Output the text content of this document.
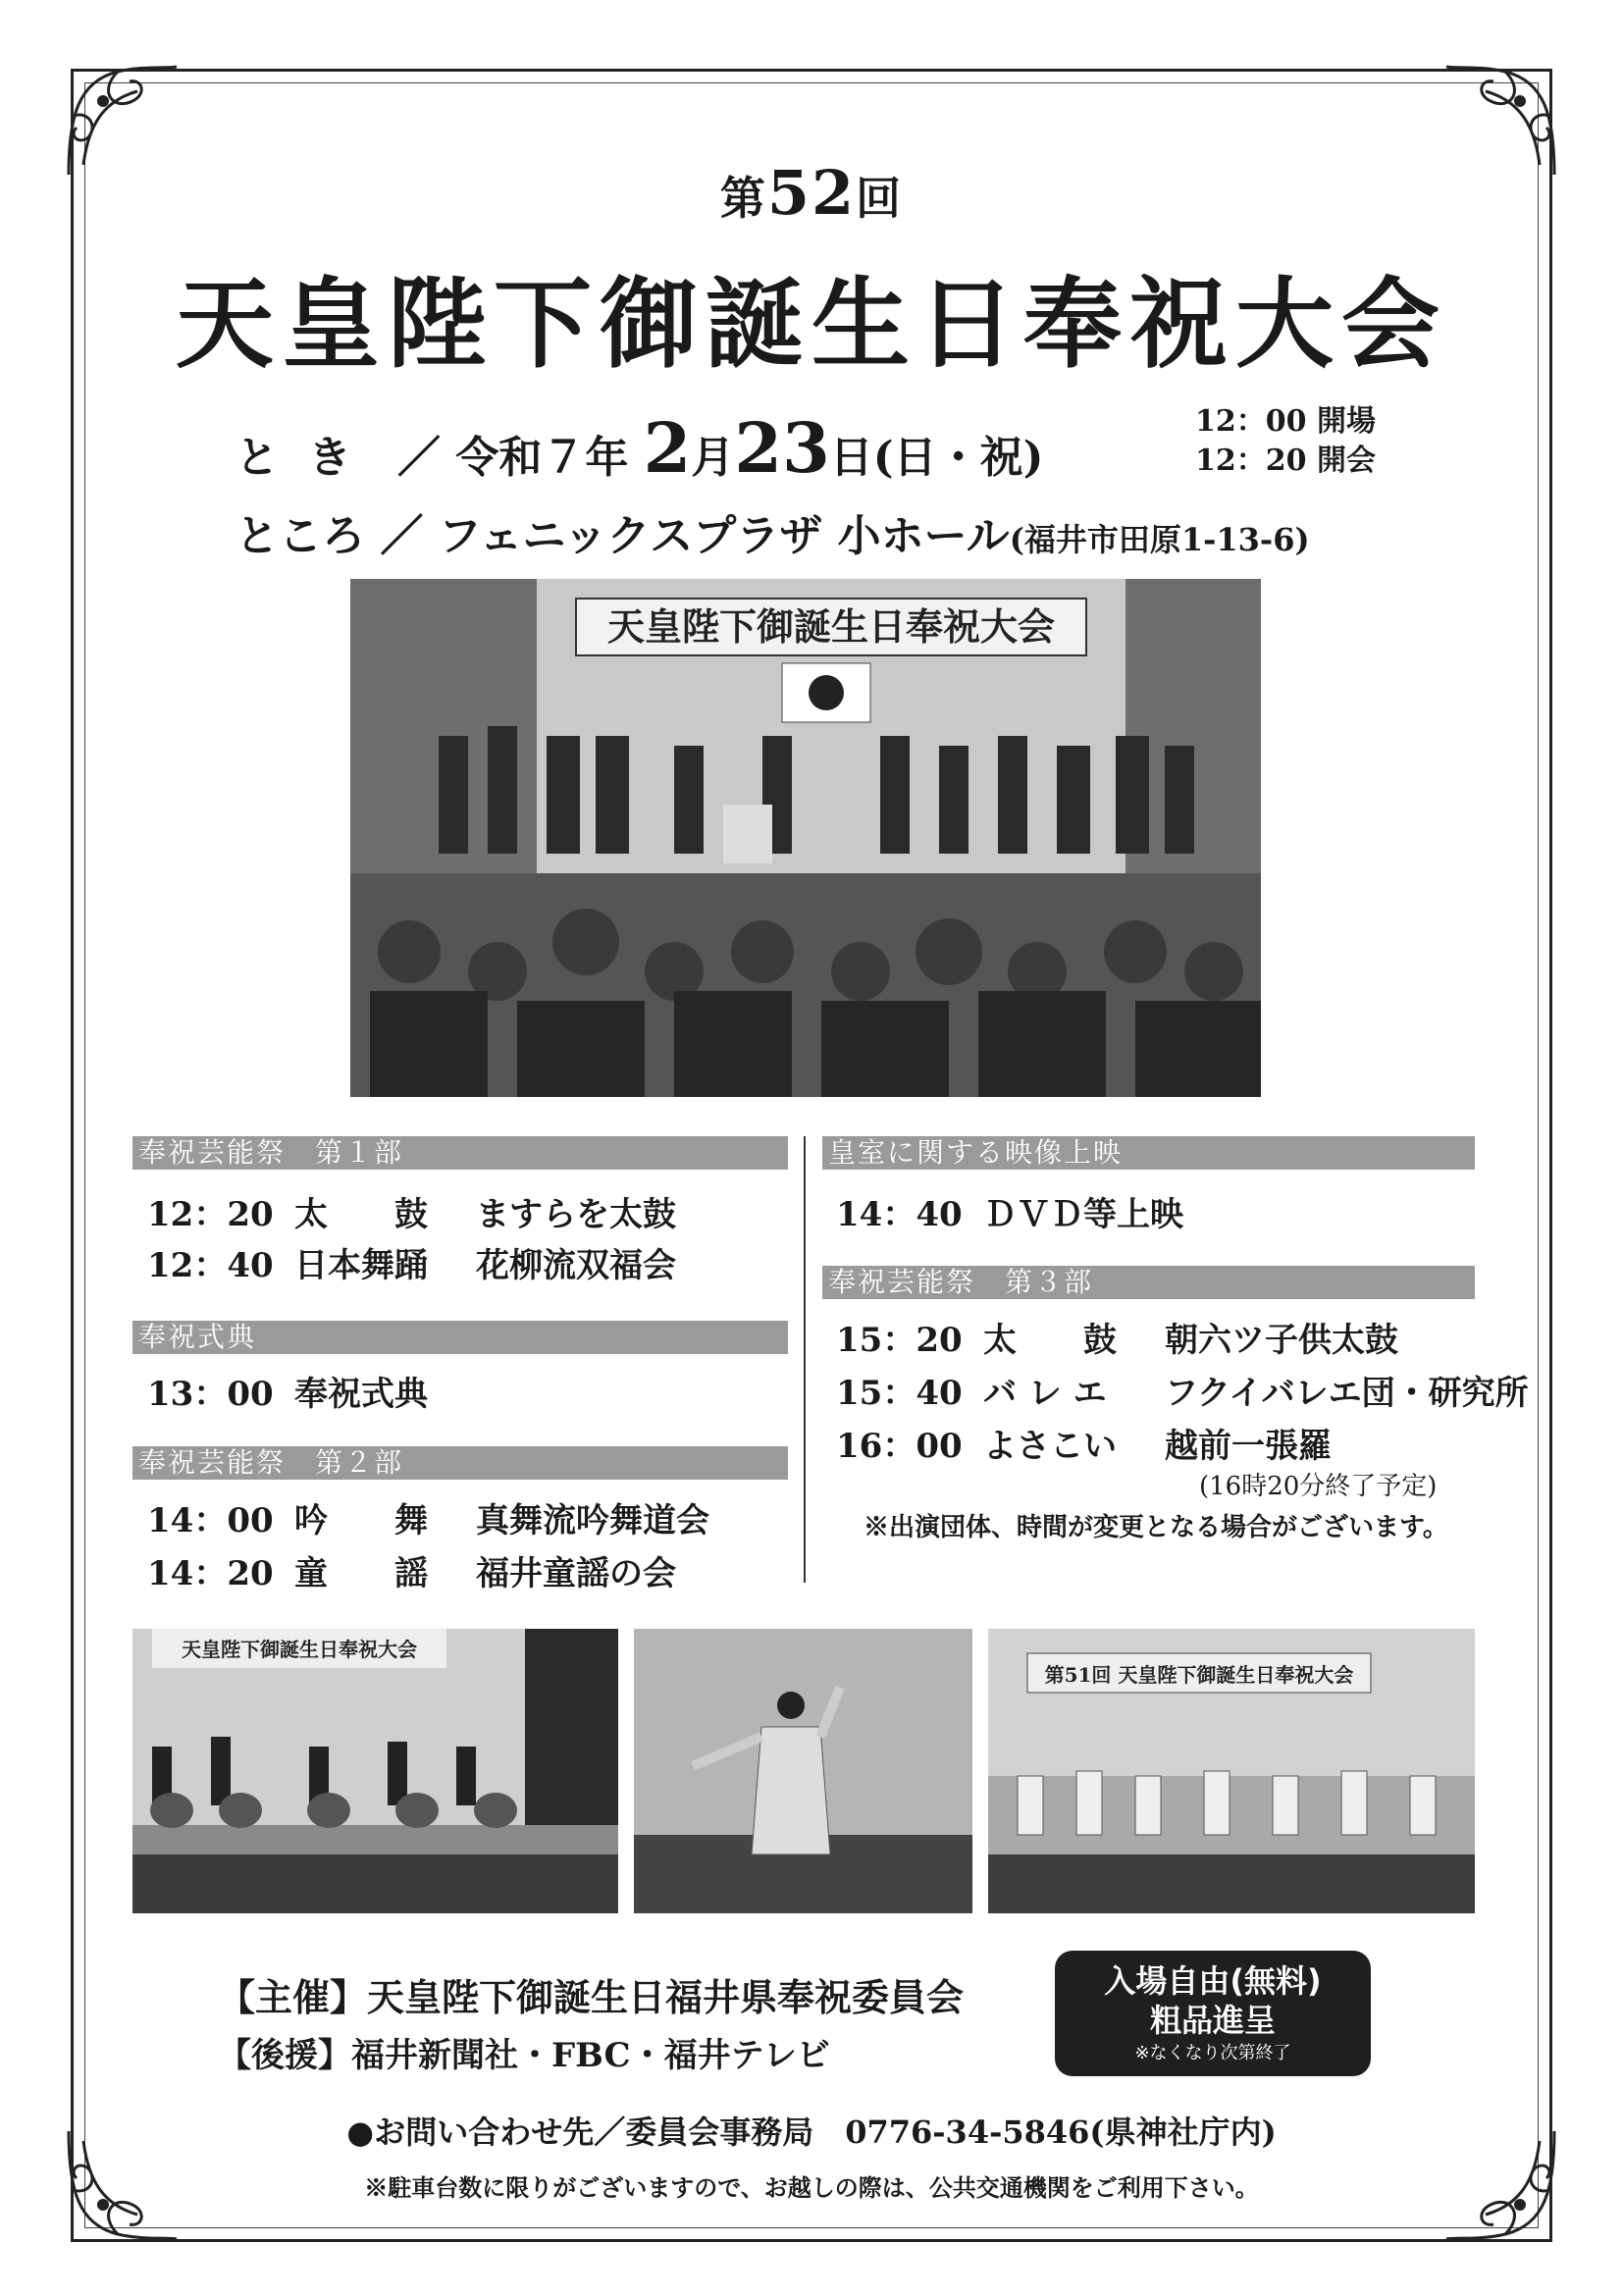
第52回
天皇陛下御誕生日奉祝大会
とき ／ 令和７年 2月23日(日・祝)
12：00 開場
12：20 開会
ところ ／ フェニックスプラザ 小ホール(福井市田原1-13-6)
天皇陛下御誕生日奉祝大会
奉祝芸能祭　第１部
12：20 太　　鼓 ますらを太鼓
12：40 日本舞踊 花柳流双福会
奉祝式典
13：00 奉祝式典
奉祝芸能祭　第２部
14：00 吟　　舞 真舞流吟舞道会
14：20 童　　謡 福井童謡の会
皇室に関する映像上映
14：40 ＤＶＤ等上映
奉祝芸能祭　第３部
15：20 太　　鼓 朝六ツ子供太鼓
15：40 バ レ エ フクイバレエ団・研究所
16：00 よさこい 越前一張羅
(16時20分終了予定)
※出演団体、時間が変更となる場合がございます。
天皇陛下御誕生日奉祝大会
第51回 天皇陛下御誕生日奉祝大会
【主催】天皇陛下御誕生日福井県奉祝委員会
【後援】福井新聞社・FBC・福井テレビ
入場自由(無料)
粗品進呈
※なくなり次第終了
●お問い合わせ先／委員会事務局　0776-34-5846(県神社庁内)
※駐車台数に限りがございますので、お越しの際は、公共交通機関をご利用下さい。
